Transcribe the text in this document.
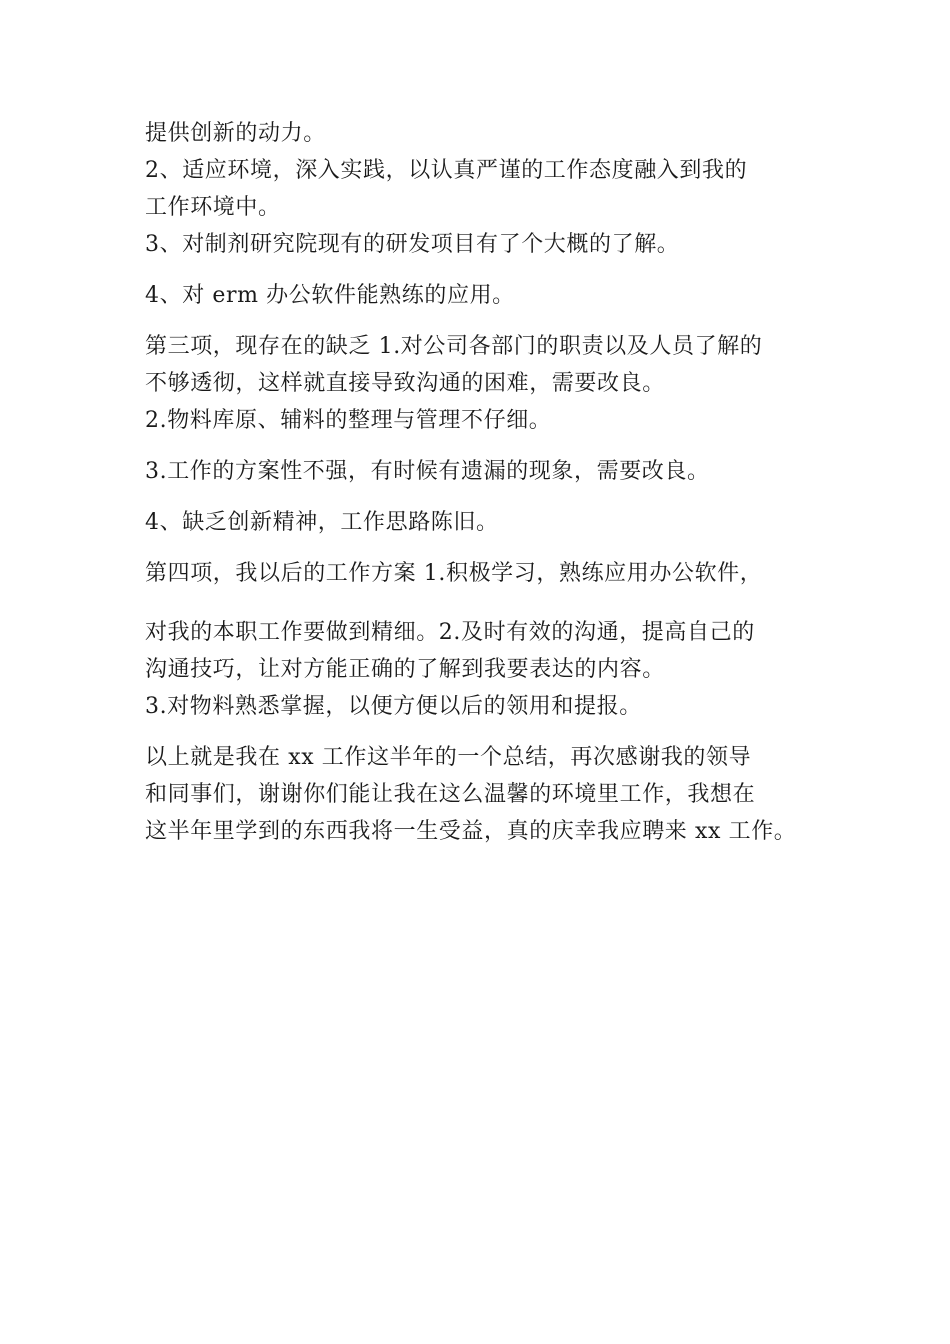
提供创新的动力。
2、适应环境，深入实践，以认真严谨的工作态度融入到我的
工作环境中。
3、对制剂研究院现有的研发项目有了个大概的了解。
4、对 erm 办公软件能熟练的应用。
第三项，现存在的缺乏 1.对公司各部门的职责以及人员了解的
不够透彻，这样就直接导致沟通的困难，需要改良。
2.物料库原、辅料的整理与管理不仔细。
3.工作的方案性不强，有时候有遗漏的现象，需要改良。
4、缺乏创新精神，工作思路陈旧。
第四项，我以后的工作方案 1.积极学习，熟练应用办公软件，
对我的本职工作要做到精细。2.及时有效的沟通，提高自己的
沟通技巧，让对方能正确的了解到我要表达的内容。
3.对物料熟悉掌握，以便方便以后的领用和提报。
以上就是我在 xx 工作这半年的一个总结，再次感谢我的领导
和同事们，谢谢你们能让我在这么温馨的环境里工作，我想在
这半年里学到的东西我将一生受益，真的庆幸我应聘来 xx 工作。
